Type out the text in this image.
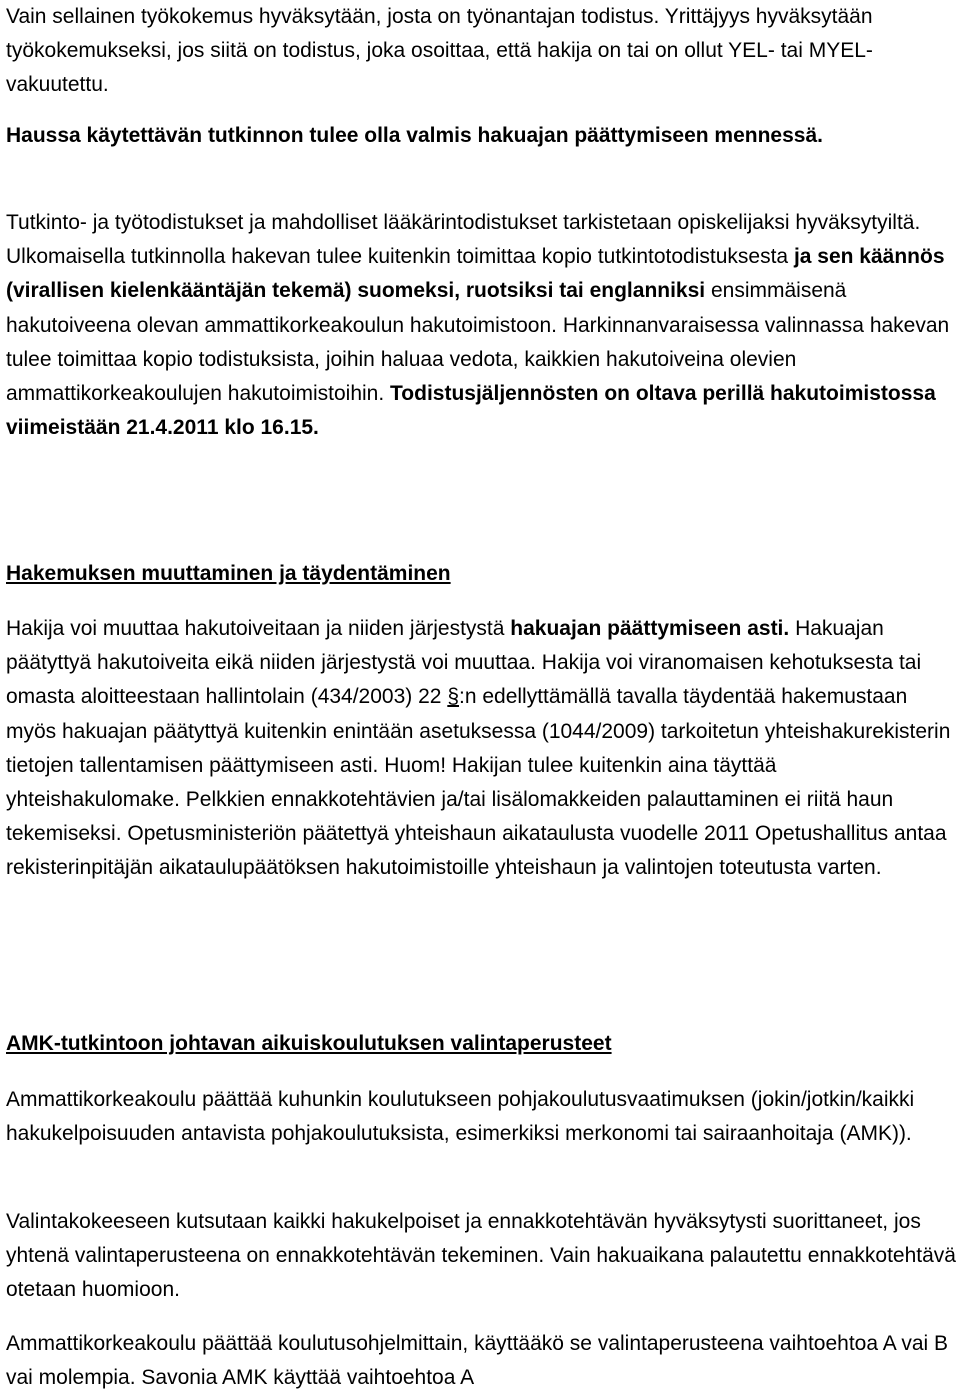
Vain sellainen työkokemus hyväksytään, josta on työnantajan todistus. Yrittäjyys hyväksytään työkokemukseksi, jos siitä on todistus, joka osoittaa, että hakija on tai on ollut YEL- tai MYEL-vakuutettu.

Haussa käytettävän tutkinnon tulee olla valmis hakuajan päättymiseen mennessä.

Tutkinto- ja työtodistukset ja mahdolliset lääkärintodistukset tarkistetaan opiskelijaksi hyväksytyiltä. Ulkomaisella tutkinnolla hakevan tulee kuitenkin toimittaa kopio tutkintotodistuksesta ja sen käännös (virallisen kielenkääntäjän tekemä) suomeksi, ruotsiksi tai englanniksi ensimmäisenä hakutoiveena olevan ammattikorkeakoulun hakutoimistoon. Harkinnanvaraisessa valinnassa hakevan tulee toimittaa kopio todistuksista, joihin haluaa vedota, kaikkien hakutoiveina olevien ammattikorkeakoulujen hakutoimistoihin. Todistusjäljennösten on oltava perillä hakutoimistossa viimeistään 21.4.2011 klo 16.15.

Hakemuksen muuttaminen ja täydentäminen

Hakija voi muuttaa hakutoiveitaan ja niiden järjestystä hakuajan päättymiseen asti. Hakuajan päätyttyä hakutoiveita eikä niiden järjestystä voi muuttaa. Hakija voi viranomaisen kehotuksesta tai omasta aloitteestaan hallintolain (434/2003) 22 §:n edellyttämällä tavalla täydentää hakemustaan myös hakuajan päätyttyä kuitenkin enintään asetuksessa (1044/2009) tarkoitetun yhteishakurekisterin tietojen tallentamisen päättymiseen asti. Huom! Hakijan tulee kuitenkin aina täyttää yhteishakulomake. Pelkkien ennakkotehtävien ja/tai lisälomakkeiden palauttaminen ei riitä haun tekemiseksi. Opetusministeriön päätettyä yhteishaun aikataulusta vuodelle 2011 Opetushallitus antaa rekisterinpitäjän aikataulupäätöksen hakutoimistoille yhteishaun ja valintojen toteutusta varten.

AMK-tutkintoon johtavan aikuiskoulutuksen valintaperusteet

Ammattikorkeakoulu päättää kuhunkin koulutukseen pohjakoulutusvaatimuksen (jokin/jotkin/kaikki hakukelpoisuuden antavista pohjakoulutuksista, esimerkiksi merkonomi tai sairaanhoitaja (AMK)).

Valintakokeeseen kutsutaan kaikki hakukelpoiset ja ennakkotehtävän hyväksytysti suorittaneet, jos yhtenä valintaperusteena on ennakkotehtävän tekeminen. Vain hakuaikana palautettu ennakkotehtävä otetaan huomioon.

Ammattikorkeakoulu päättää koulutusohjelmittain, käyttääkö se valintaperusteena vaihtoehtoa A vai B vai molempia. Savonia AMK käyttää vaihtoehtoa A
